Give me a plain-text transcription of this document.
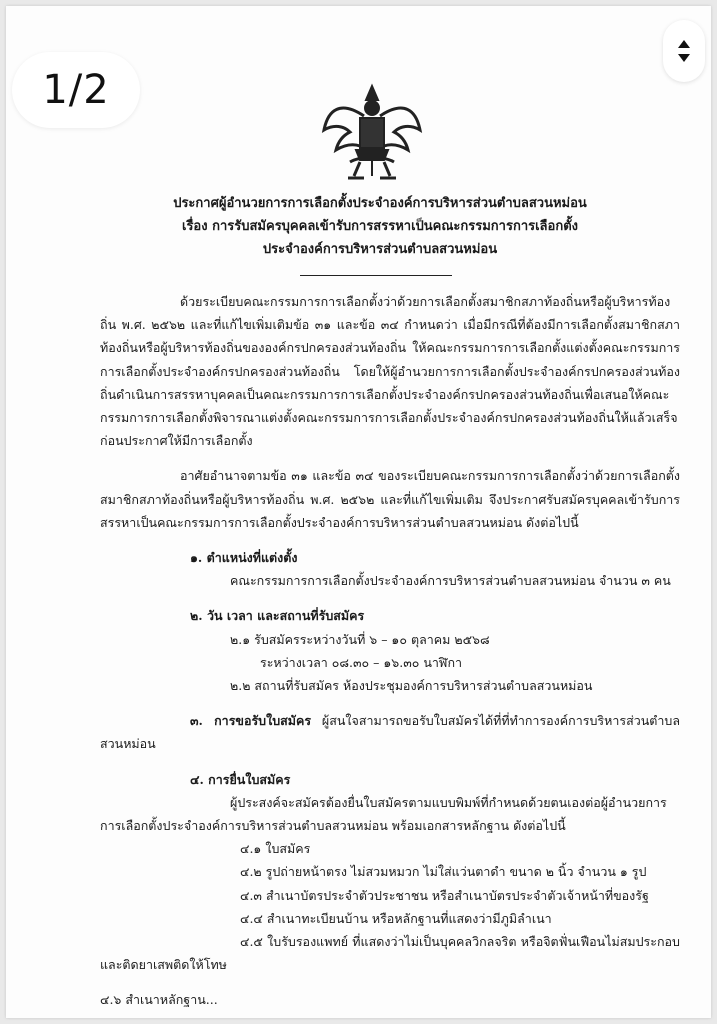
1/2
ประกาศผู้อำนวยการการเลือกตั้งประจำองค์การบริหารส่วนตำบลสวนหม่อน
เรื่อง การรับสมัครบุคคลเข้ารับการสรรหาเป็นคณะกรรมการการเลือกตั้ง
ประจำองค์การบริหารส่วนตำบลสวนหม่อน

ด้วยระเบียบคณะกรรมการการเลือกตั้งว่าด้วยการเลือกตั้งสมาชิกสภาท้องถิ่นหรือผู้บริหารท้องถิ่น พ.ศ. ๒๕๖๒ และที่แก้ไขเพิ่มเติมข้อ ๓๑ และข้อ ๓๔ กำหนดว่า เมื่อมีกรณีที่ต้องมีการเลือกตั้งสมาชิกสภาท้องถิ่นหรือผู้บริหารท้องถิ่นขององค์กรปกครองส่วนท้องถิ่น ให้คณะกรรมการการเลือกตั้งแต่งตั้งคณะกรรมการการเลือกตั้งประจำองค์กรปกครองส่วนท้องถิ่น โดยให้ผู้อำนวยการการเลือกตั้งประจำองค์กรปกครองส่วนท้องถิ่นดำเนินการสรรหาบุคคลเป็นคณะกรรมการการเลือกตั้งประจำองค์กรปกครองส่วนท้องถิ่นเพื่อเสนอให้คณะกรรมการการเลือกตั้งพิจารณาแต่งตั้งคณะกรรมการการเลือกตั้งประจำองค์กรปกครองส่วนท้องถิ่นให้แล้วเสร็จก่อนประกาศให้มีการเลือกตั้ง

อาศัยอำนาจตามข้อ ๓๑ และข้อ ๓๔ ของระเบียบคณะกรรมการการเลือกตั้งว่าด้วยการเลือกตั้งสมาชิกสภาท้องถิ่นหรือผู้บริหารท้องถิ่น พ.ศ. ๒๕๖๒ และที่แก้ไขเพิ่มเติม จึงประกาศรับสมัครบุคคลเข้ารับการสรรหาเป็นคณะกรรมการการเลือกตั้งประจำองค์การบริหารส่วนตำบลสวนหม่อน ดังต่อไปนี้

๑. ตำแหน่งที่แต่งตั้ง

คณะกรรมการการเลือกตั้งประจำองค์การบริหารส่วนตำบลสวนหม่อน จำนวน ๓ คน

๒. วัน เวลา และสถานที่รับสมัคร

๒.๑ รับสมัครระหว่างวันที่ ๖ – ๑๐ ตุลาคม ๒๕๖๘

ระหว่างเวลา ๐๘.๓๐ – ๑๖.๓๐ นาฬิกา

๒.๒ สถานที่รับสมัคร ห้องประชุมองค์การบริหารส่วนตำบลสวนหม่อน

๓. การขอรับใบสมัคร ผู้สนใจสามารถขอรับใบสมัครได้ที่ที่ทำการองค์การบริหารส่วนตำบลสวนหม่อน

๔. การยื่นใบสมัคร

ผู้ประสงค์จะสมัครต้องยื่นใบสมัครตามแบบพิมพ์ที่กำหนดด้วยตนเองต่อผู้อำนวยการการเลือกตั้งประจำองค์การบริหารส่วนตำบลสวนหม่อน พร้อมเอกสารหลักฐาน ดังต่อไปนี้

๔.๑ ใบสมัคร

๔.๒ รูปถ่ายหน้าตรง ไม่สวมหมวก ไม่ใส่แว่นตาดำ ขนาด ๒ นิ้ว จำนวน ๑ รูป

๔.๓ สำเนาบัตรประจำตัวประชาชน หรือสำเนาบัตรประจำตัวเจ้าหน้าที่ของรัฐ

๔.๔ สำเนาทะเบียนบ้าน หรือหลักฐานที่แสดงว่ามีภูมิลำเนา

๔.๕ ใบรับรองแพทย์ ที่แสดงว่าไม่เป็นบุคคลวิกลจริต หรือจิตฟั่นเฟือนไม่สมประกอบและติดยาเสพติดให้โทษ

๔.๖ สำเนาหลักฐาน...
